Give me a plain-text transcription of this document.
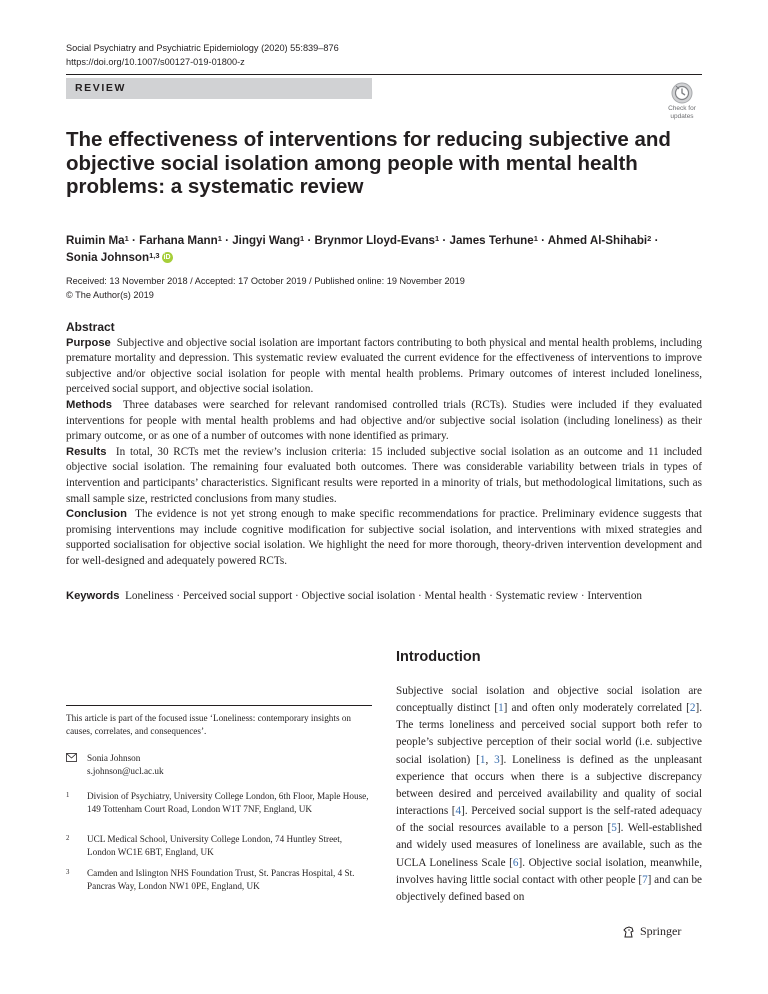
Social Psychiatry and Psychiatric Epidemiology (2020) 55:839–876
https://doi.org/10.1007/s00127-019-01800-z
REVIEW
Check for
updates
The effectiveness of interventions for reducing subjective and objective social isolation among people with mental health problems: a systematic review
Ruimin $Ma^1$ · Farhana Mann$^1$ · Jingyi Wang$^1$ · Brynmor Lloyd-Evans$^1$ · James Terhune$^1$ · Ahmed Al-Shihabi$^2$ ·
Sonia Johnson$^{1,3}$ iD
Received: 13 November 2018 / Accepted: 17 October 2019 / Published online: 19 November 2019
© The Author(s) 2019
Abstract

Purpose Subjective and objective social isolation are important factors contributing to both physical and mental health problems, including premature mortality and depression. This systematic review evaluated the current evidence for the effectiveness of interventions to improve subjective and/or objective social isolation for people with mental health problems. Primary outcomes of interest included loneliness, perceived social support, and objective social isolation.

Methods Three databases were searched for relevant randomised controlled trials (RCTs). Studies were included if they evaluated interventions for people with mental health problems and had objective and/or subjective social isolation (including loneliness) as their primary outcome, or as one of a number of outcomes with none identified as primary.

Results In total, 30 RCTs met the review’s inclusion criteria: 15 included subjective social isolation as an outcome and 11 included objective social isolation. The remaining four evaluated both outcomes. There was considerable variability between trials in types of intervention and participants’ characteristics. Significant results were reported in a minority of trials, but methodological limitations, such as small sample size, restricted conclusions from many studies.

Conclusion The evidence is not yet strong enough to make specific recommendations for practice. Preliminary evidence suggests that promising interventions may include cognitive modification for subjective social isolation, and interventions with mixed strategies and supported socialisation for objective social isolation. We highlight the need for more thorough, theory-driven intervention development and for well-designed and adequately powered RCTs.

Keywords Loneliness · Perceived social support · Objective social isolation · Mental health · Systematic review · Intervention
Introduction
Subjective social isolation and objective social isolation are conceptually distinct [1] and often only moderately correlated [2]. The terms loneliness and perceived social support both refer to people’s subjective perception of their social world (i.e. subjective social isolation) [1, 3]. Loneliness is defined as the unpleasant experience that occurs when there is a subjective discrepancy between desired and perceived availability and quality of social interactions [4]. Perceived social support is the self-rated adequacy of the social resources available to a person [5]. Well-established and widely used measures of loneliness are available, such as the UCLA Loneliness Scale [6]. Objective social isolation, meanwhile, involves having little social contact with other people [7] and can be objectively defined based on
This article is part of the focused issue ‘Loneliness: contemporary insights on causes, correlates, and consequences’.
Sonia Johnson
s.johnson@ucl.ac.uk
1 Division of Psychiatry, University College London, 6th Floor, Maple House, 149 Tottenham Court Road, London W1T 7NF, England, UK
2 UCL Medical School, University College London, 74 Huntley Street, London WC1E 6BT, England, UK
3 Camden and Islington NHS Foundation Trust, St. Pancras Hospital, 4 St. Pancras Way, London NW1 0PE, England, UK
Springer
